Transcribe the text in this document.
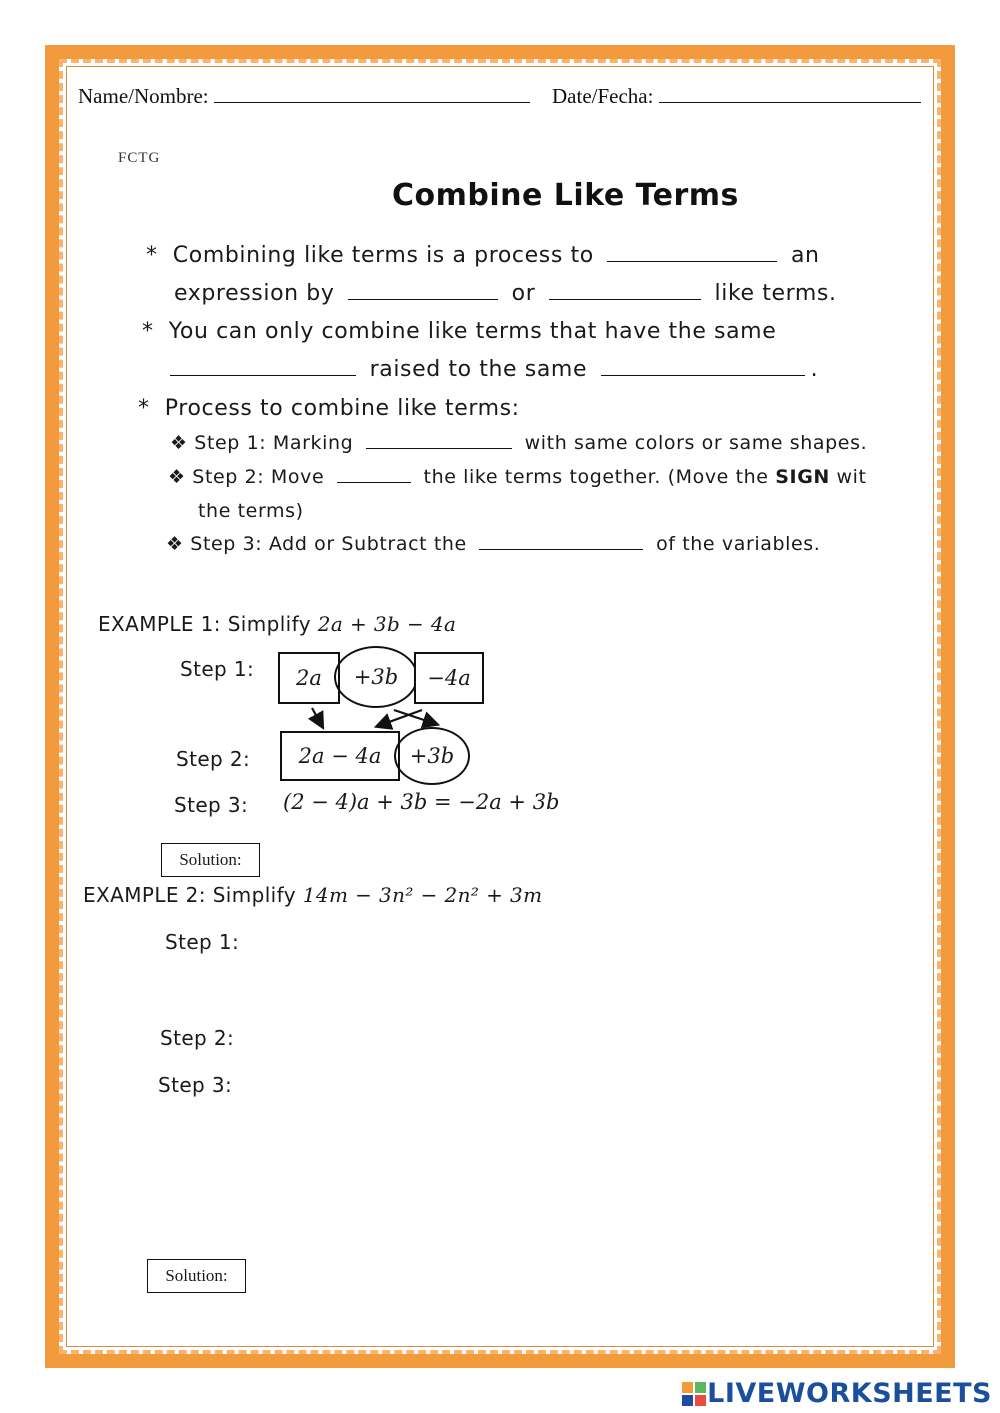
Name/Nombre:	Date/Fecha:
FCTG
Combine Like Terms
*  Combining like terms is a process to	an
expression by	or	like terms.
*  You can only combine like terms that have the same
raised to the same	.
*  Process to combine like terms:
❖ Step 1: Marking	with same colors or same shapes.
❖ Step 2: Move	the like terms together. (Move the SIGN wit
the terms)
❖ Step 3: Add or Subtract the	of the variables.
EXAMPLE 1: Simplify 2a + 3b − 4a
Step 1: 2a +3b −4a
Step 2: 2a − 4a +3b
Step 3: (2 − 4)a + 3b = −2a + 3b
Solution:
EXAMPLE 2: Simplify 14m − 3n² − 2n² + 3m
Step 1:
Step 2:
Step 3:
Solution:
LIVEWORKSHEETS
